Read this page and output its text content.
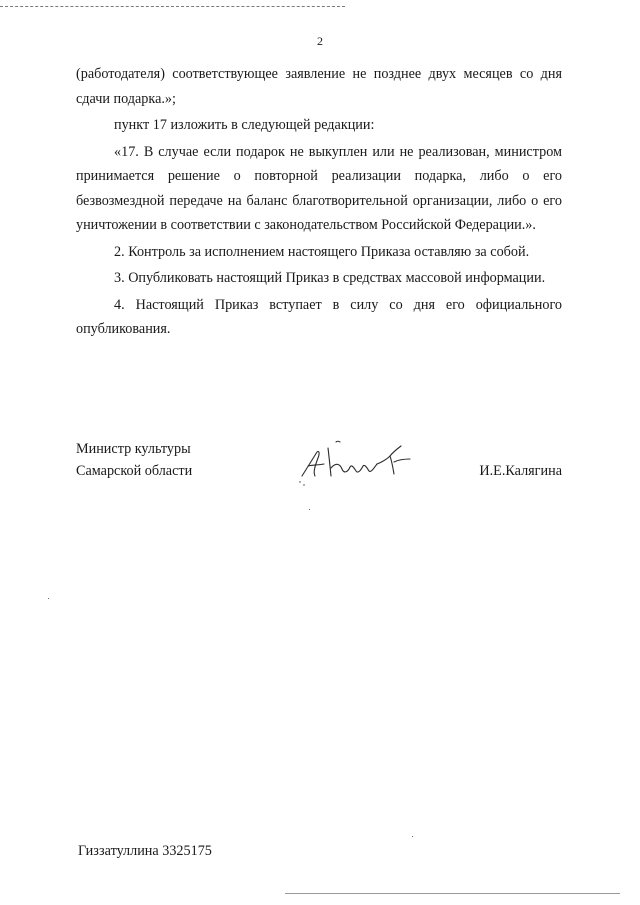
2

(работодателя) соответствующее заявление не позднее двух месяцев со дня сдачи подарка.»;

пункт 17 изложить в следующей редакции:

«17. В случае если подарок не выкуплен или не реализован, министром принимается решение о повторной реализации подарка, либо о его безвозмездной передаче на баланс благотворительной организации, либо о его уничтожении в соответствии с законодательством Российской Федерации.».

2. Контроль за исполнением настоящего Приказа оставляю за собой.

3. Опубликовать настоящий Приказ в средствах массовой информации.

4. Настоящий Приказ вступает в силу со дня его официального опубликования.

Министр культуры
Самарской области	И.Е.Калягина
Гиззатуллина 3325175
